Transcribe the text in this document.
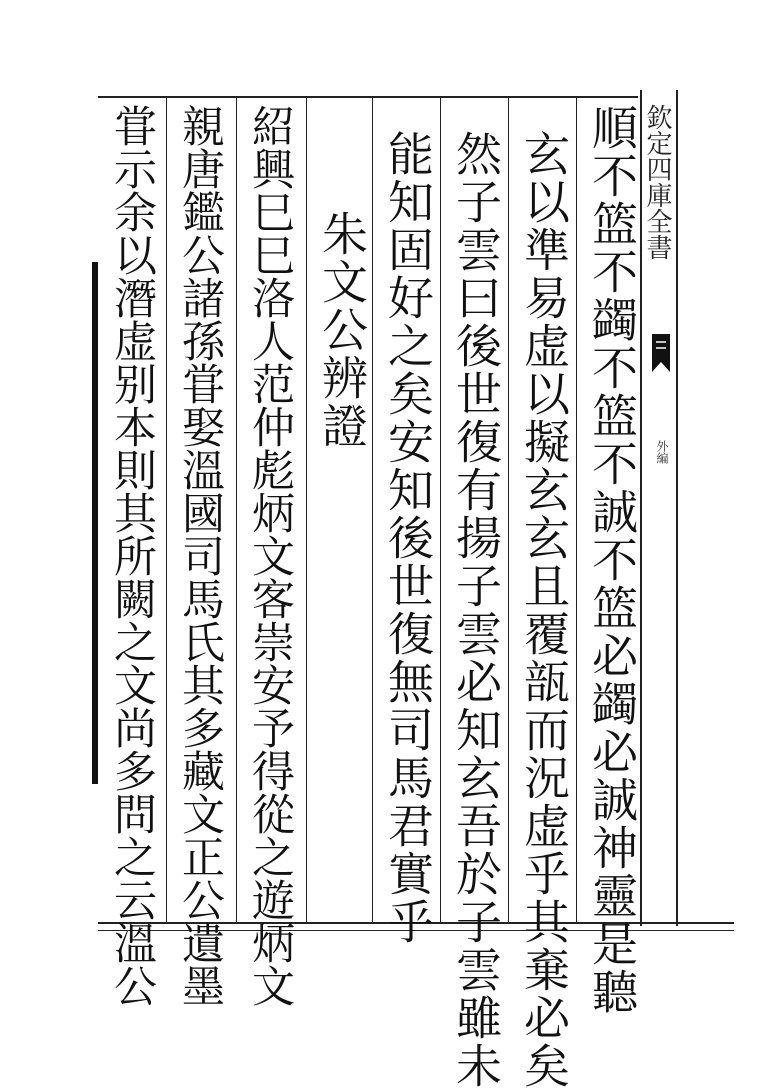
欽定四庫全書
外編
順不篮不蠲不篮不誠不篮必蠲必誠神靈是聽
玄以準易虚以擬玄玄且覆瓿而況虚乎其棄必矣
然子雲曰後世復有揚子雲必知玄吾於子雲雖未
能知固好之矣安知後世復無司馬君實乎
朱文公辨證
紹興巳巳洛人范仲彪炳文客崇安予得從之遊炳文
親唐鑑公諸孫甞娶溫國司馬氏其多藏文正公遺墨
甞示余以潛虚别本則其所闕之文尚多問之云溫公
